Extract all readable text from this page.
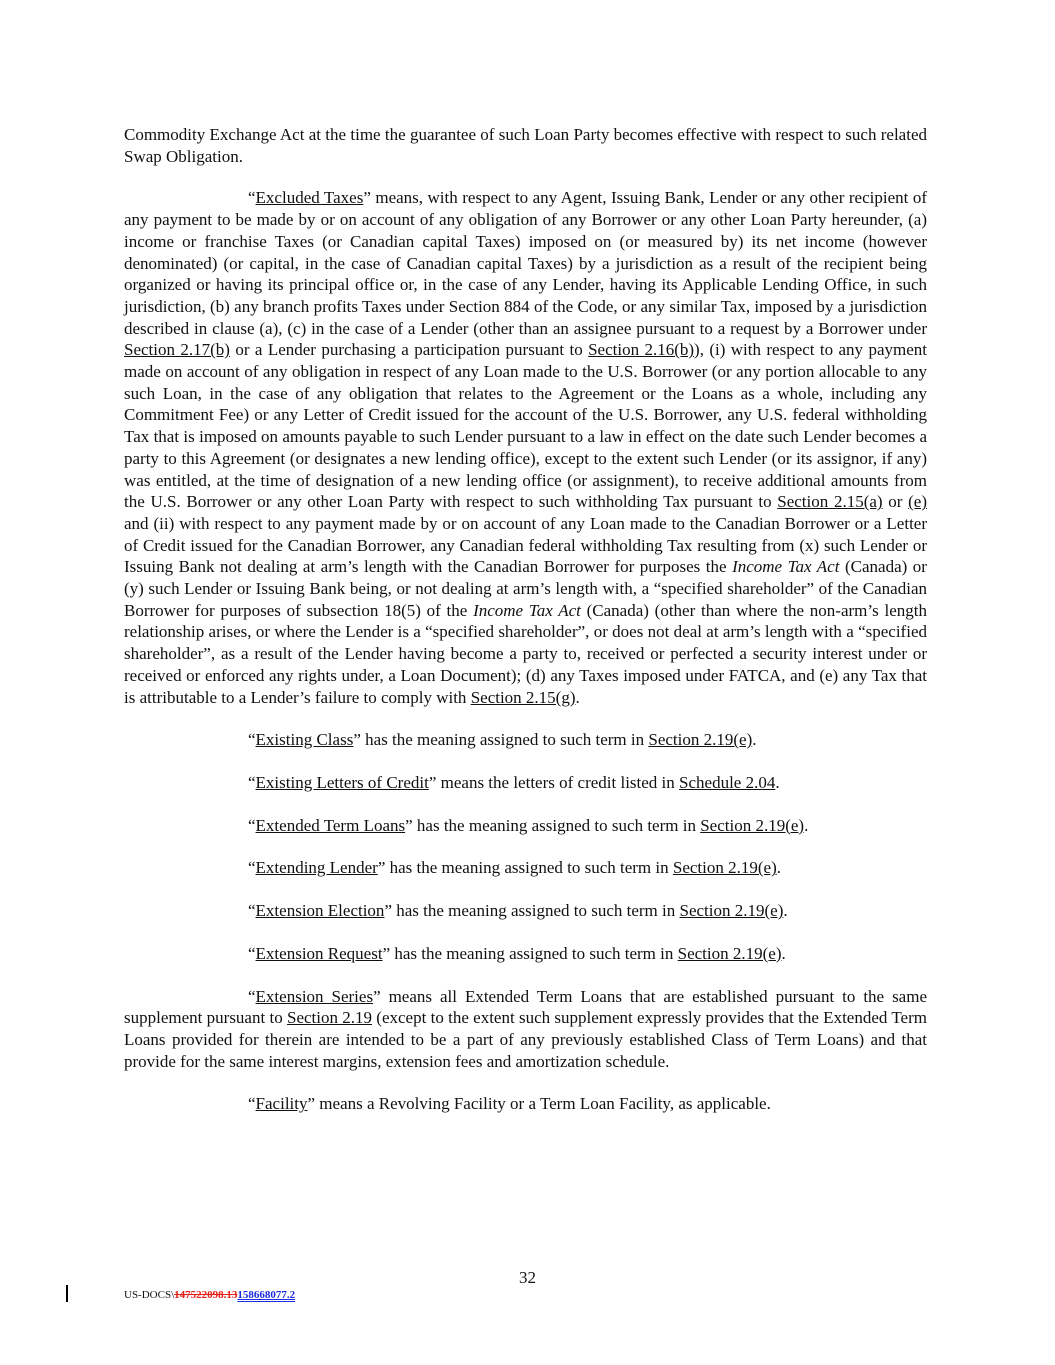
Commodity Exchange Act at the time the guarantee of such Loan Party becomes effective with respect to such related Swap Obligation.

“Excluded Taxes” means, with respect to any Agent, Issuing Bank, Lender or any other recipient of any payment to be made by or on account of any obligation of any Borrower or any other Loan Party hereunder, (a) income or franchise Taxes (or Canadian capital Taxes) imposed on (or measured by) its net income (however denominated) (or capital, in the case of Canadian capital Taxes) by a jurisdiction as a result of the recipient being organized or having its principal office or, in the case of any Lender, having its Applicable Lending Office, in such jurisdiction, (b) any branch profits Taxes under Section 884 of the Code, or any similar Tax, imposed by a jurisdiction described in clause (a), (c) in the case of a Lender (other than an assignee pursuant to a request by a Borrower under Section 2.17(b) or a Lender purchasing a participation pursuant to Section 2.16(b)), (i) with respect to any payment made on account of any obligation in respect of any Loan made to the U.S. Borrower (or any portion allocable to any such Loan, in the case of any obligation that relates to the Agreement or the Loans as a whole, including any Commitment Fee) or any Letter of Credit issued for the account of the U.S. Borrower, any U.S. federal withholding Tax that is imposed on amounts payable to such Lender pursuant to a law in effect on the date such Lender becomes a party to this Agreement (or designates a new lending office), except to the extent such Lender (or its assignor, if any) was entitled, at the time of designation of a new lending office (or assignment), to receive additional amounts from the U.S. Borrower or any other Loan Party with respect to such withholding Tax pursuant to Section 2.15(a) or (e) and (ii) with respect to any payment made by or on account of any Loan made to the Canadian Borrower or a Letter of Credit issued for the Canadian Borrower, any Canadian federal withholding Tax resulting from (x) such Lender or Issuing Bank not dealing at arm’s length with the Canadian Borrower for purposes the Income Tax Act (Canada) or (y) such Lender or Issuing Bank being, or not dealing at arm’s length with, a “specified shareholder” of the Canadian Borrower for purposes of subsection 18(5) of the Income Tax Act (Canada) (other than where the non-arm’s length relationship arises, or where the Lender is a “specified shareholder”, or does not deal at arm’s length with a “specified shareholder”, as a result of the Lender having become a party to, received or perfected a security interest under or received or enforced any rights under, a Loan Document); (d) any Taxes imposed under FATCA, and (e) any Tax that is attributable to a Lender’s failure to comply with Section 2.15(g).

“Existing Class” has the meaning assigned to such term in Section 2.19(e).

“Existing Letters of Credit” means the letters of credit listed in Schedule 2.04.

“Extended Term Loans” has the meaning assigned to such term in Section 2.19(e).

“Extending Lender” has the meaning assigned to such term in Section 2.19(e).

“Extension Election” has the meaning assigned to such term in Section 2.19(e).

“Extension Request” has the meaning assigned to such term in Section 2.19(e).

“Extension Series” means all Extended Term Loans that are established pursuant to the same supplement pursuant to Section 2.19 (except to the extent such supplement expressly provides that the Extended Term Loans provided for therein are intended to be a part of any previously established Class of Term Loans) and that provide for the same interest margins, extension fees and amortization schedule.

“Facility” means a Revolving Facility or a Term Loan Facility, as applicable.

32
US-DOCS\147522098.13158668077.2
